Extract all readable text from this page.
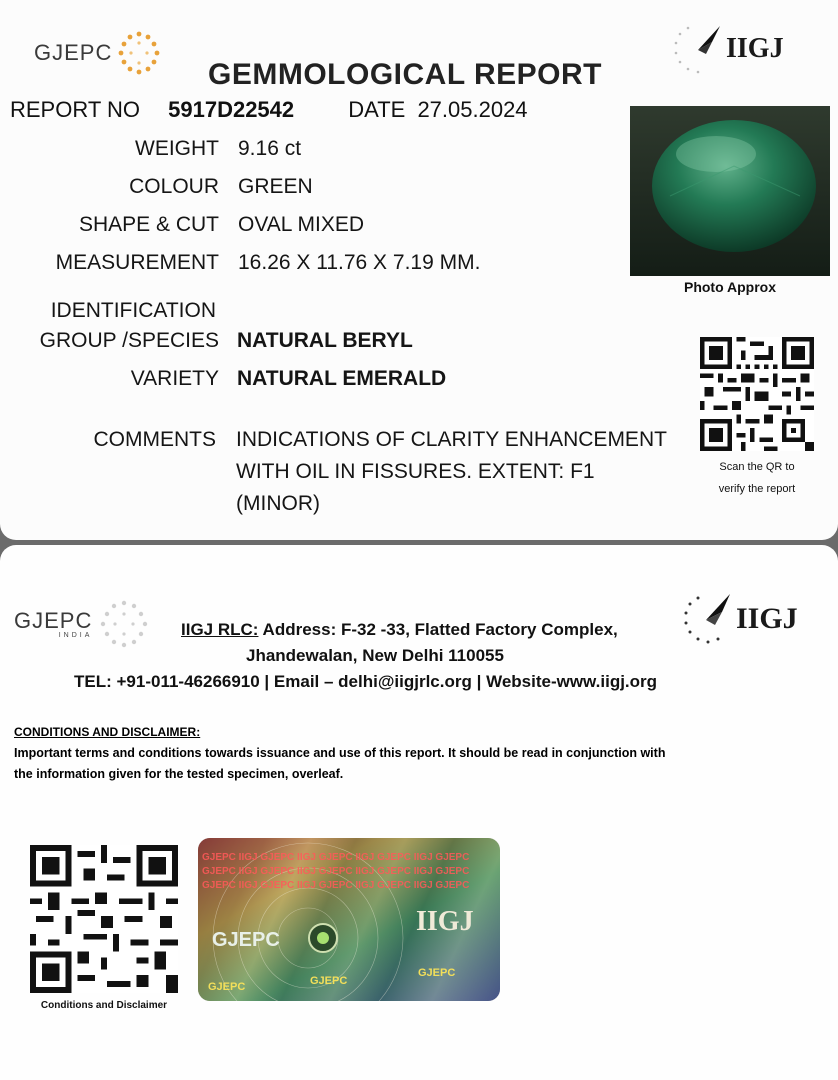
GJEPC	IIGJ
GEMMOLOGICAL REPORT
REPORT NO 5917D22542 DATE 27.05.2024
WEIGHT 9.16 ct
COLOUR GREEN
SHAPE & CUT OVAL MIXED
MEASUREMENT 16.26 X 11.76 X 7.19 MM.
IDENTIFICATION
GROUP /SPECIES NATURAL BERYL
VARIETY NATURAL EMERALD
COMMENTS INDICATIONS OF CLARITY ENHANCEMENT
WITH OIL IN FISSURES. EXTENT: F1
(MINOR)
Photo Approx
Scan the QR to
verify the report
GJEPC
INDIA	IIGJ
IIGJ RLC: Address: F-32 -33, Flatted Factory Complex,
Jhandewalan, New Delhi 110055
TEL: +91-011-46266910 | Email – delhi@iigjrlc.org | Website-www.iigj.org
CONDITIONS AND DISCLAIMER:
Important terms and conditions towards issuance and use of this report. It should be read in conjunction with
the information given for the tested specimen, overleaf.
Conditions and Disclaimer
GJEPC IIGJ GJEPC IIGJ GJEPC IIGJ GJEPC IIGJ GJEPC
GJEPC IIGJ GJEPC IIGJ GJEPC IIGJ GJEPC IIGJ GJEPC
GJEPC IIGJ GJEPC IIGJ GJEPC IIGJ GJEPC IIGJ GJEPC
GJEPC
IIGJ
GJEPC	GJEPC
GJEPC
